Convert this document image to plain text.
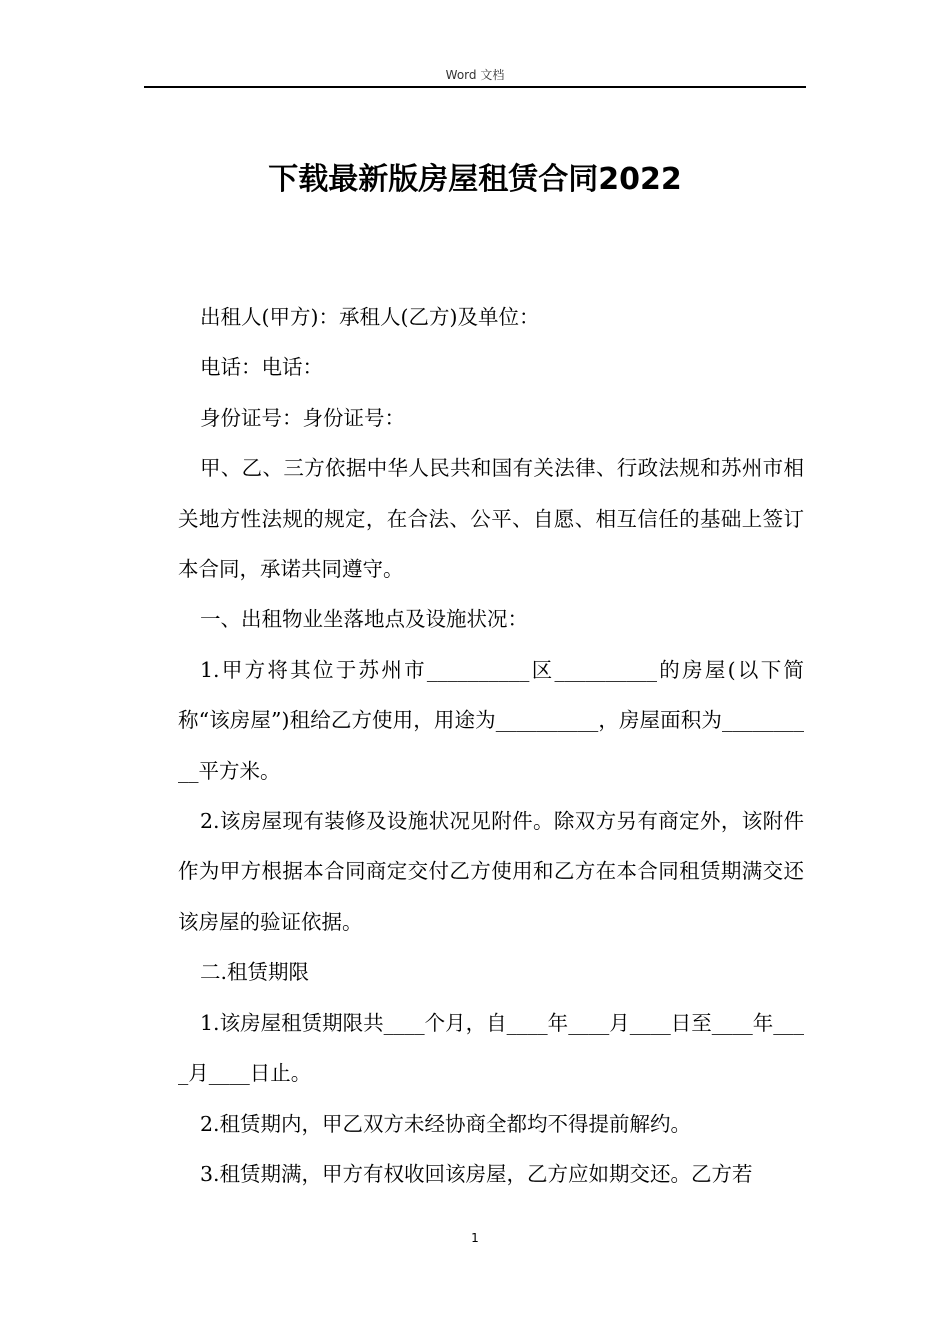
Word 文档
下载最新版房屋租赁合同2022

出租人(甲方)：承租人(乙方)及单位：

电话：电话：

身份证号：身份证号：

甲、乙、三方依据中华人民共和国有关法律、行政法规和苏州市相关地方性法规的规定，在合法、公平、自愿、相互信任的基础上签订本合同，承诺共同遵守。

一、出租物业坐落地点及设施状况：

1.甲方将其位于苏州市__________区__________的房屋(以下简称“该房屋”)租给乙方使用，用途为__________，房屋面积为__________平方米。

2.该房屋现有装修及设施状况见附件。除双方另有商定外，该附件作为甲方根据本合同商定交付乙方使用和乙方在本合同租赁期满交还该房屋的验证依据。

二.租赁期限

1.该房屋租赁期限共____个月，自____年____月____日至____年____月____日止。

2.租赁期内，甲乙双方未经协商全都均不得提前解约。

3.租赁期满，甲方有权收回该房屋，乙方应如期交还。乙方若

1
